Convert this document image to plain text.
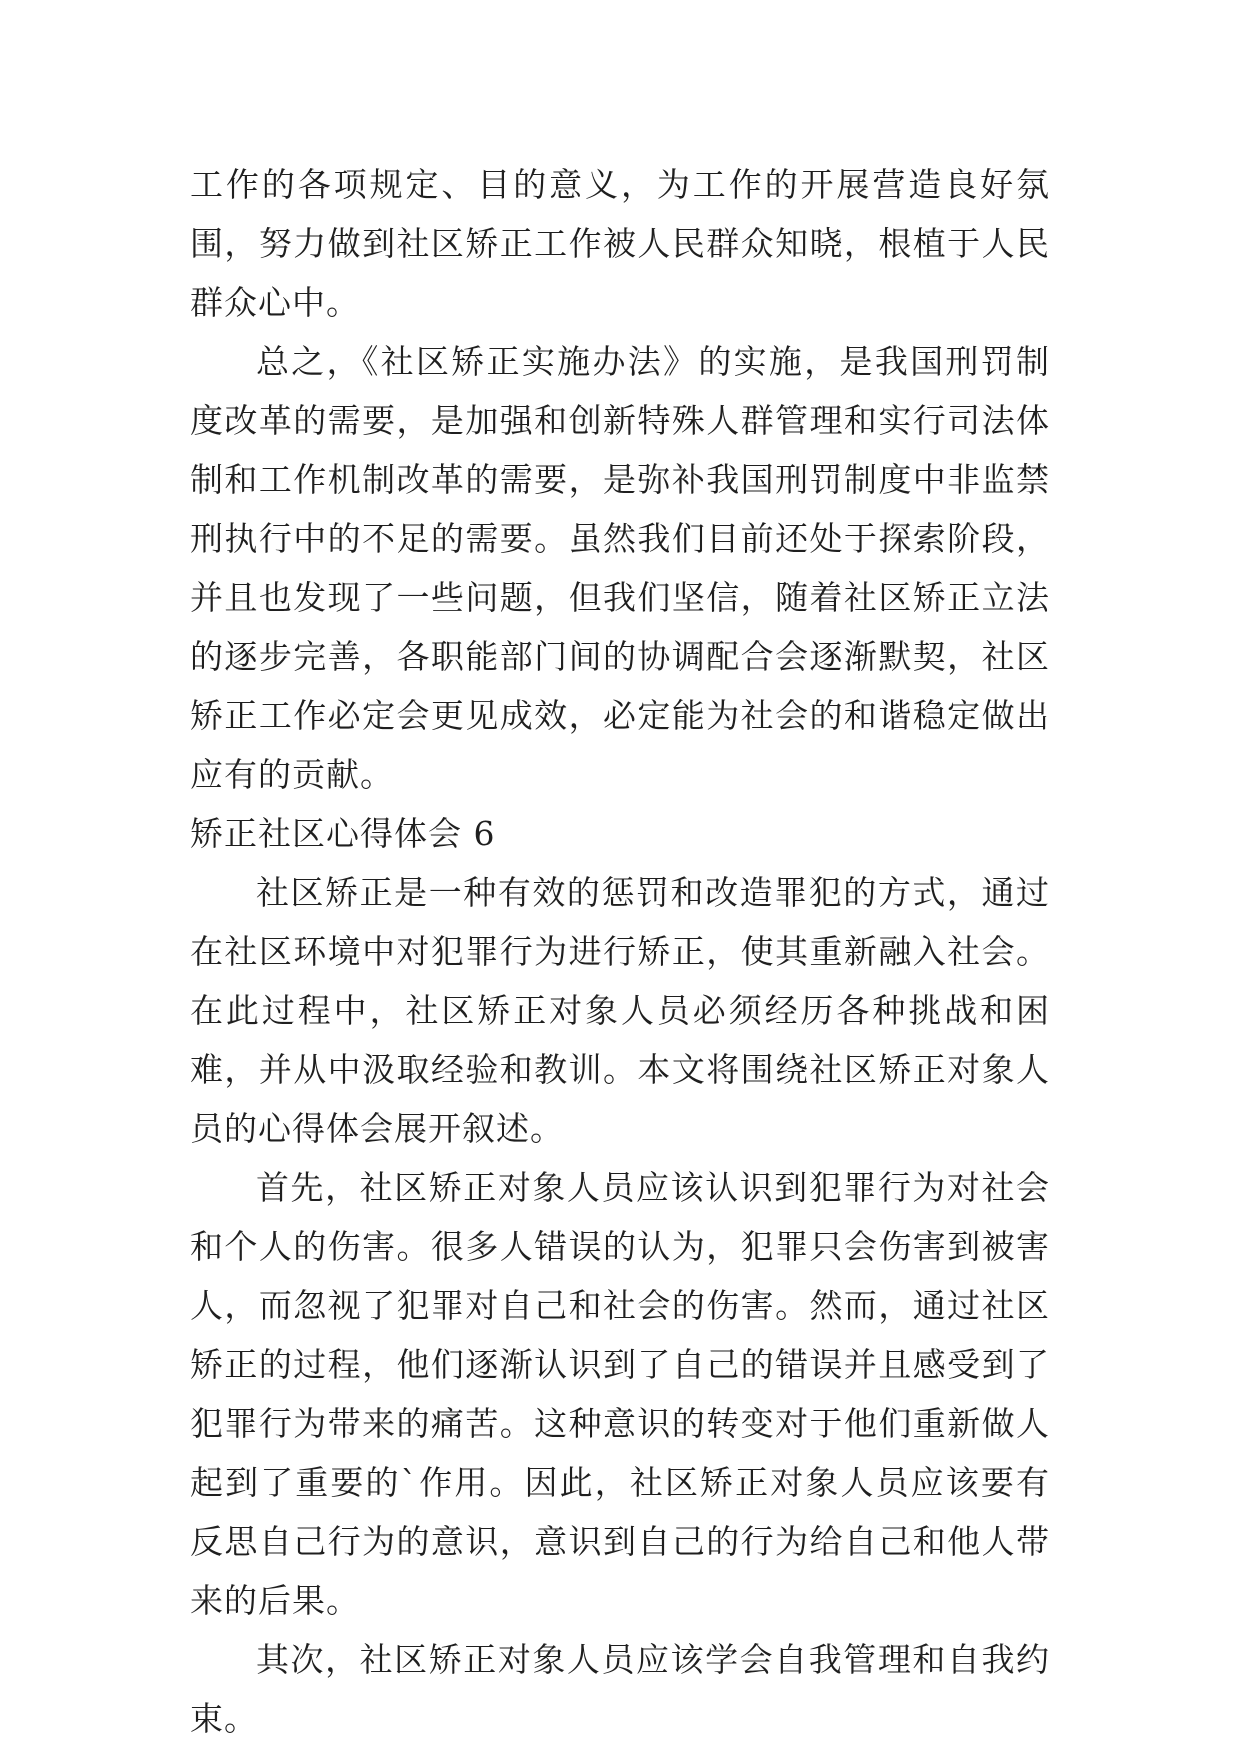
工作的各项规定、目的意义，为工作的开展营造良好氛围，努力做到社区矫正工作被人民群众知晓，根植于人民群众心中。

总之，《社区矫正实施办法》的实施，是我国刑罚制度改革的需要，是加强和创新特殊人群管理和实行司法体制和工作机制改革的需要，是弥补我国刑罚制度中非监禁刑执行中的不足的需要。虽然我们目前还处于探索阶段，并且也发现了一些问题，但我们坚信，随着社区矫正立法的逐步完善，各职能部门间的协调配合会逐渐默契，社区矫正工作必定会更见成效，必定能为社会的和谐稳定做出应有的贡献。

矫正社区心得体会 6

社区矫正是一种有效的惩罚和改造罪犯的方式，通过在社区环境中对犯罪行为进行矫正，使其重新融入社会。在此过程中，社区矫正对象人员必须经历各种挑战和困难，并从中汲取经验和教训。本文将围绕社区矫正对象人员的心得体会展开叙述。

首先，社区矫正对象人员应该认识到犯罪行为对社会和个人的伤害。很多人错误的认为，犯罪只会伤害到被害人，而忽视了犯罪对自己和社会的伤害。然而，通过社区矫正的过程，他们逐渐认识到了自己的错误并且感受到了犯罪行为带来的痛苦。这种意识的转变对于他们重新做人起到了重要的`作用。因此，社区矫正对象人员应该要有反思自己行为的意识，意识到自己的行为给自己和他人带来的后果。

其次，社区矫正对象人员应该学会自我管理和自我约束。
